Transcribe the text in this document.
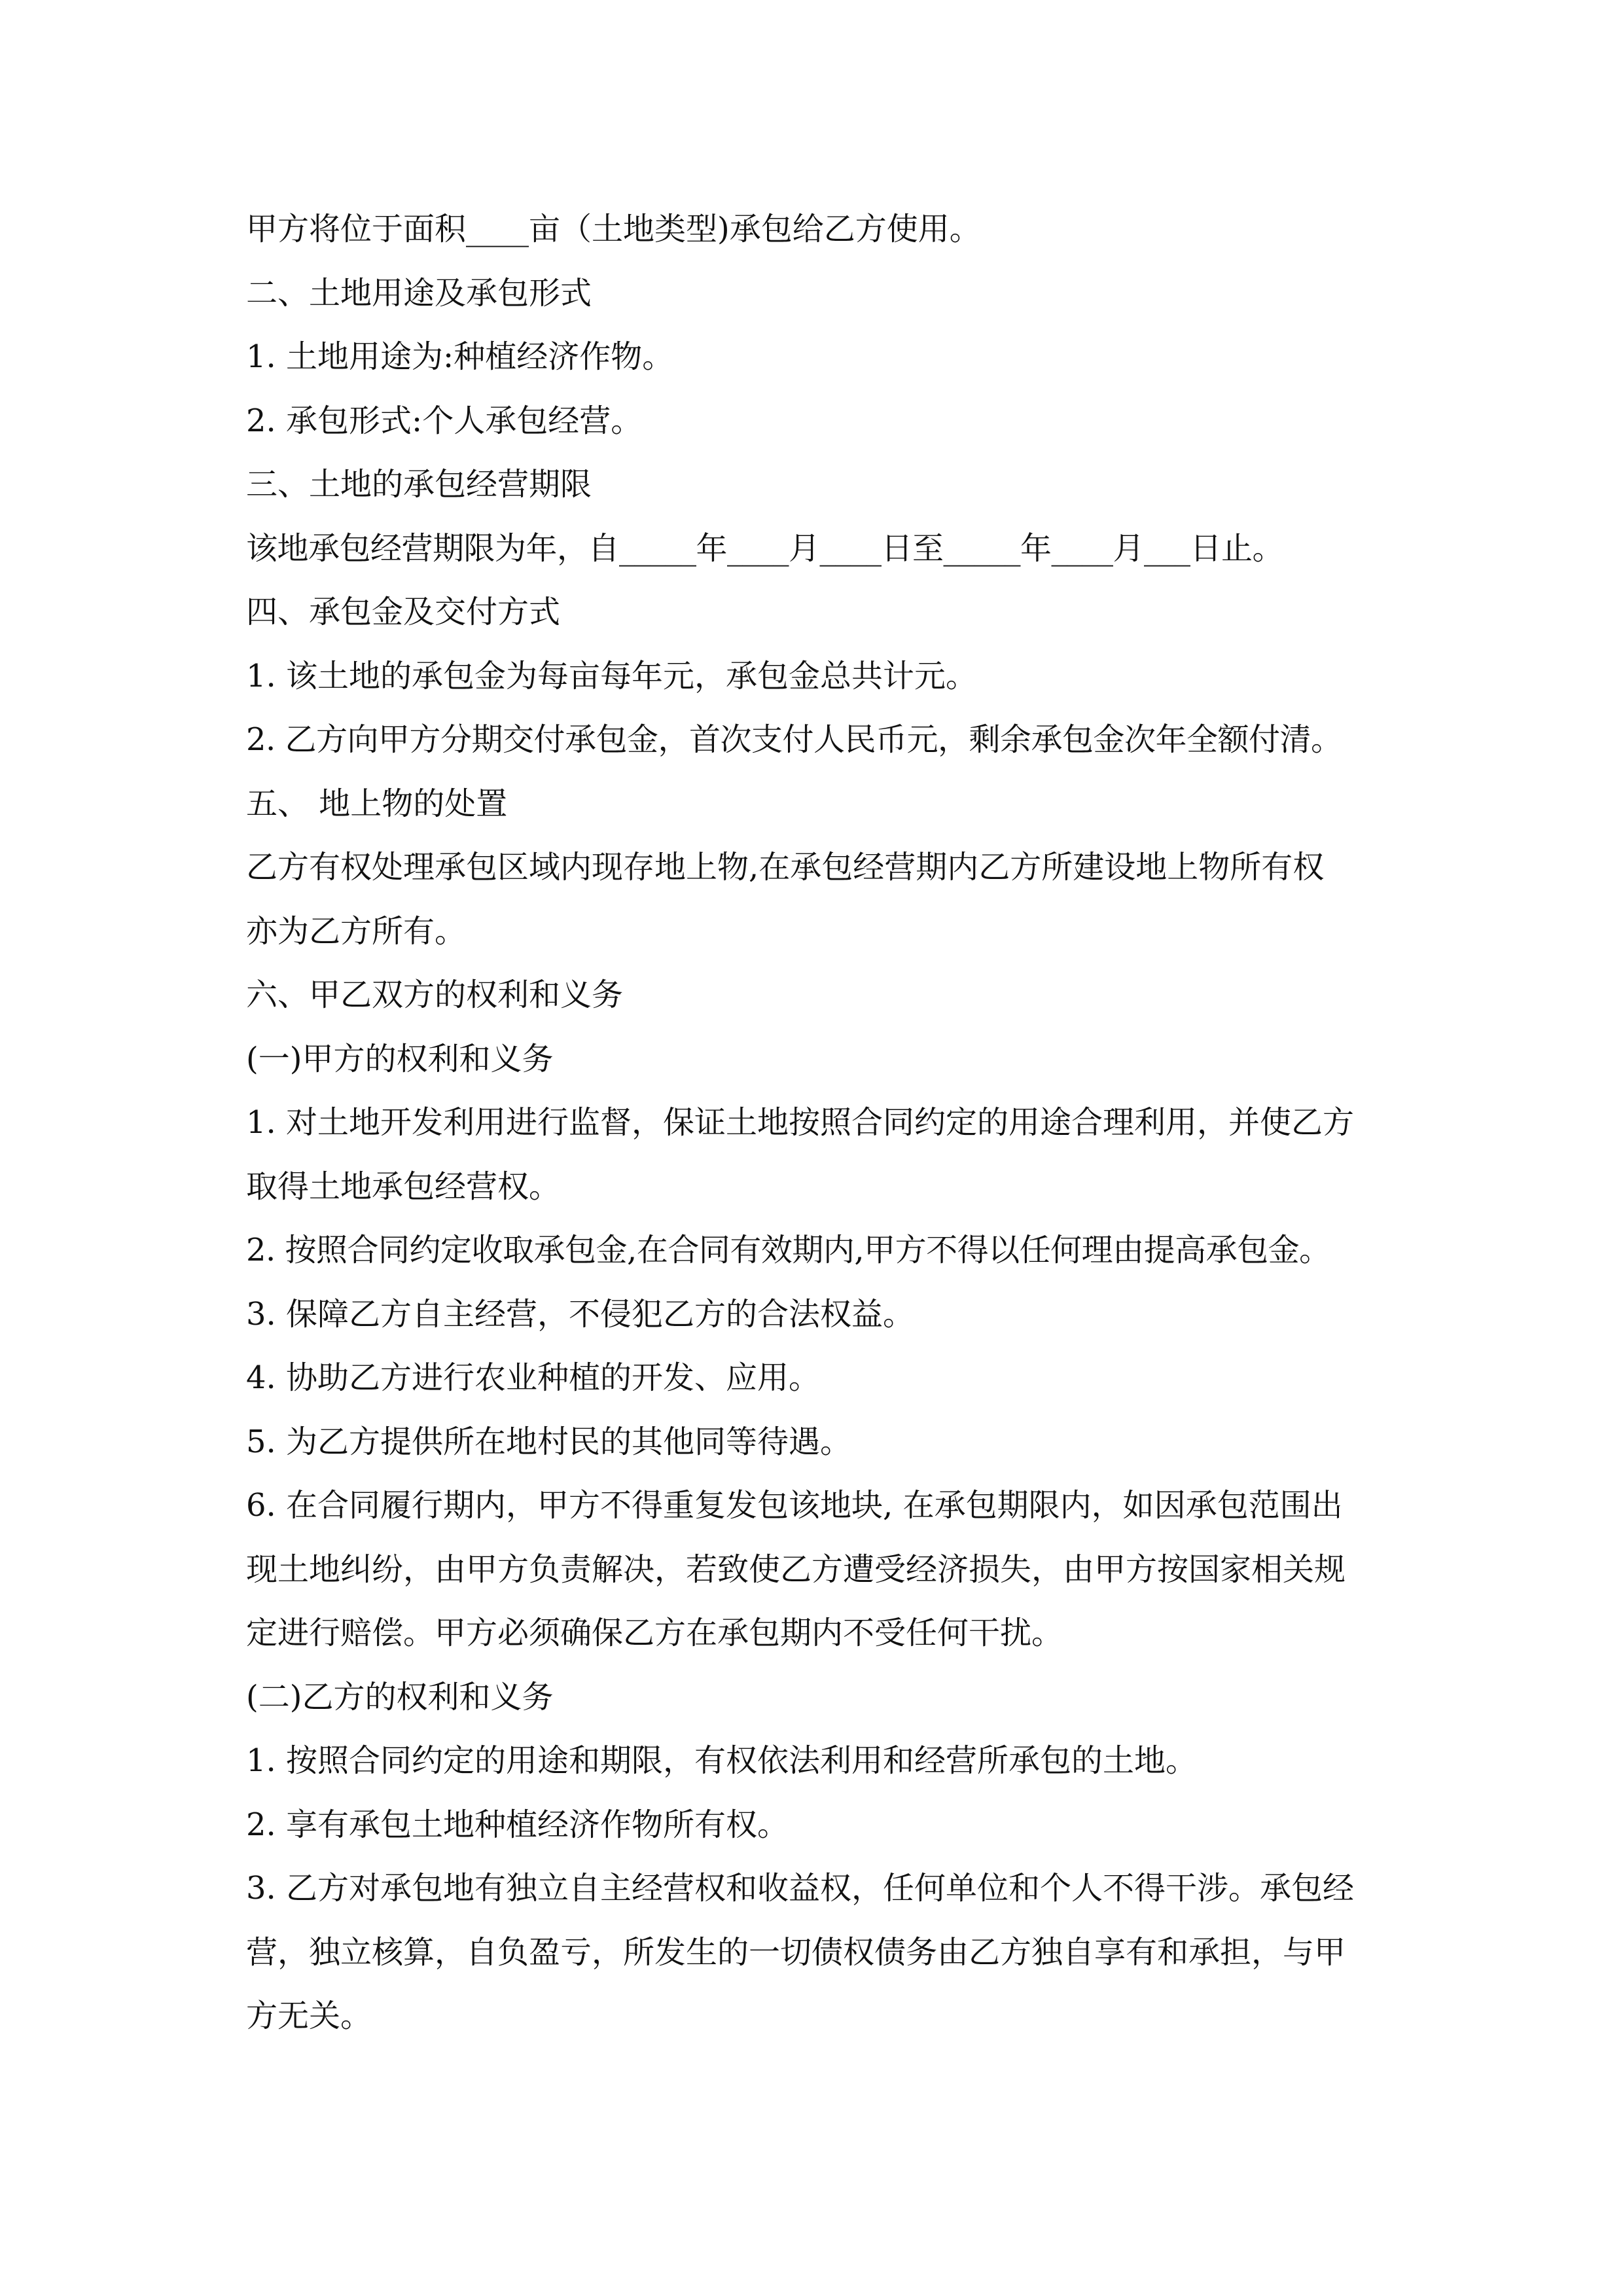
甲方将位于面积____亩（土地类型)承包给乙方使用。

二、土地用途及承包形式

1. 土地用途为:种植经济作物。

2. 承包形式:个人承包经营。

三、土地的承包经营期限

该地承包经营期限为年，自_____年____月____日至_____年____月___日止。

四、承包金及交付方式

1. 该土地的承包金为每亩每年元，承包金总共计元。

2. 乙方向甲方分期交付承包金，首次支付人民币元，剩余承包金次年全额付清。

五、 地上物的处置

乙方有权处理承包区域内现存地上物,在承包经营期内乙方所建设地上物所有权

亦为乙方所有。

六、甲乙双方的权利和义务

(一)甲方的权利和义务

1. 对土地开发利用进行监督，保证土地按照合同约定的用途合理利用，并使乙方

取得土地承包经营权。

2. 按照合同约定收取承包金,在合同有效期内,甲方不得以任何理由提高承包金。

3. 保障乙方自主经营，不侵犯乙方的合法权益。

4. 协助乙方进行农业种植的开发、应用。

5. 为乙方提供所在地村民的其他同等待遇。

6. 在合同履行期内，甲方不得重复发包该地块, 在承包期限内，如因承包范围出

现土地纠纷，由甲方负责解决，若致使乙方遭受经济损失，由甲方按国家相关规

定进行赔偿。甲方必须确保乙方在承包期内不受任何干扰。

(二)乙方的权利和义务

1. 按照合同约定的用途和期限，有权依法利用和经营所承包的土地。

2. 享有承包土地种植经济作物所有权。

3. 乙方对承包地有独立自主经营权和收益权，任何单位和个人不得干涉。承包经

营，独立核算，自负盈亏，所发生的一切债权债务由乙方独自享有和承担，与甲

方无关。
